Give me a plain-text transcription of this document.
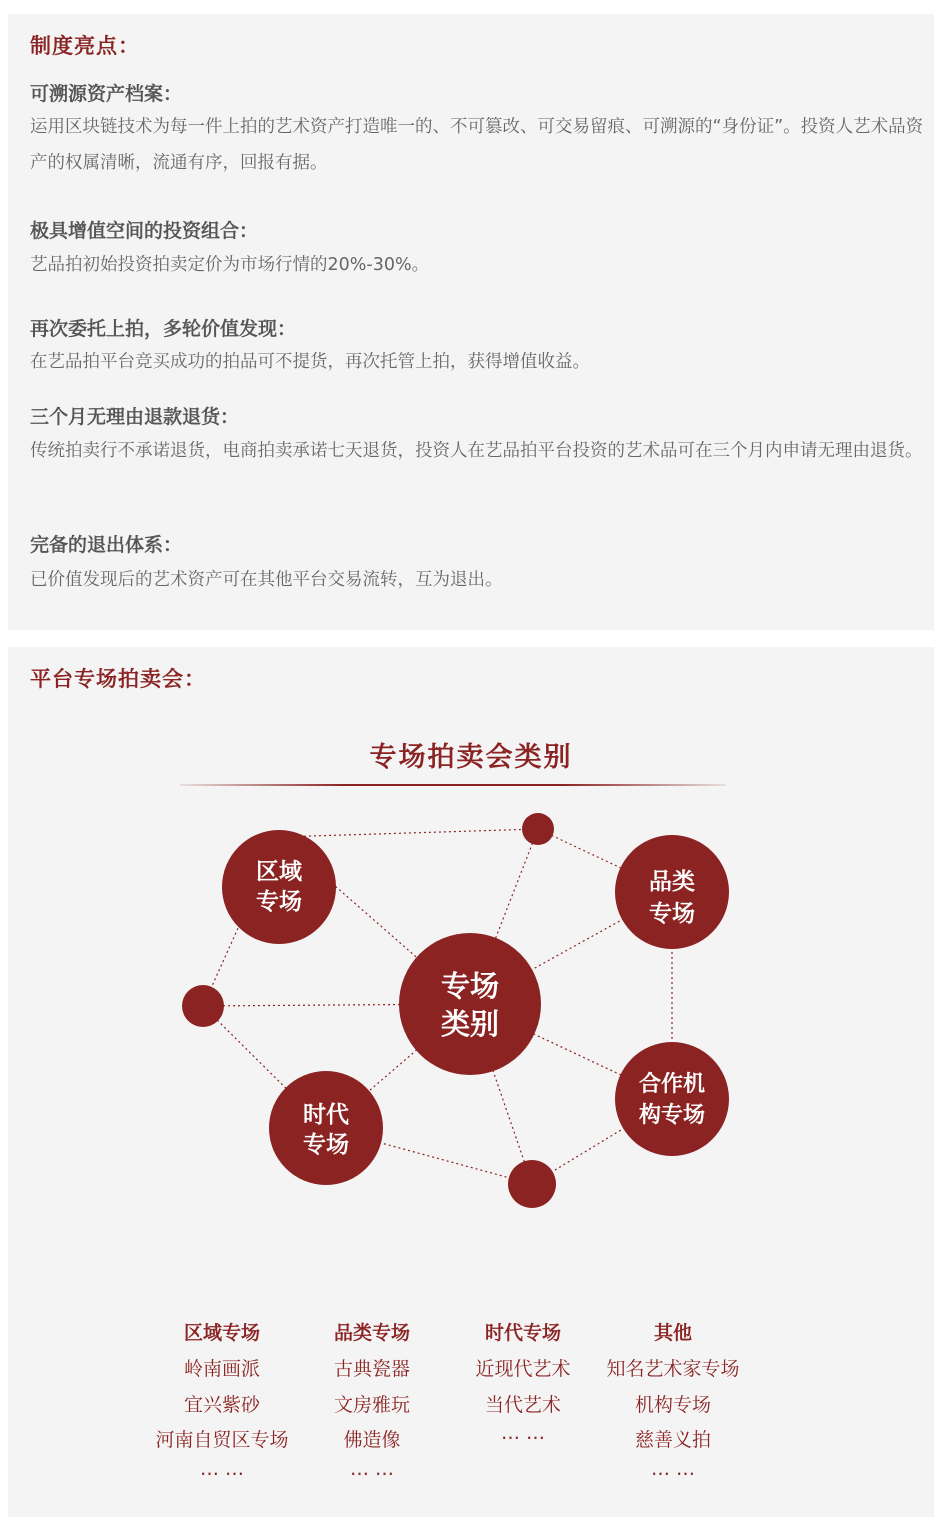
制度亮点：
可溯源资产档案：

运用区块链技术为每一件上拍的艺术资产打造唯一的、不可篡改、可交易留痕、可溯源的“身份证”。投资人艺术品资产的权属清晰，流通有序，回报有据。

极具增值空间的投资组合：

艺品拍初始投资拍卖定价为市场行情的20%-30%。

再次委托上拍，多轮价值发现：

在艺品拍平台竞买成功的拍品可不提货，再次托管上拍，获得增值收益。

三个月无理由退款退货：

传统拍卖行不承诺退货，电商拍卖承诺七天退货，投资人在艺品拍平台投资的艺术品可在三个月内申请无理由退货。

完备的退出体系：

已价值发现后的艺术资产可在其他平台交易流转，互为退出。

平台专场拍卖会：
专场拍卖会类别
区域
专场
品类
专场
专场
类别
时代
专场
合作机
构专场
区域专场

岭南画派

宜兴紫砂

河南自贸区专场

… …

品类专场

古典瓷器

文房雅玩

佛造像

… …

时代专场

近现代艺术

当代艺术

… …

其他

知名艺术家专场

机构专场

慈善义拍

… …
